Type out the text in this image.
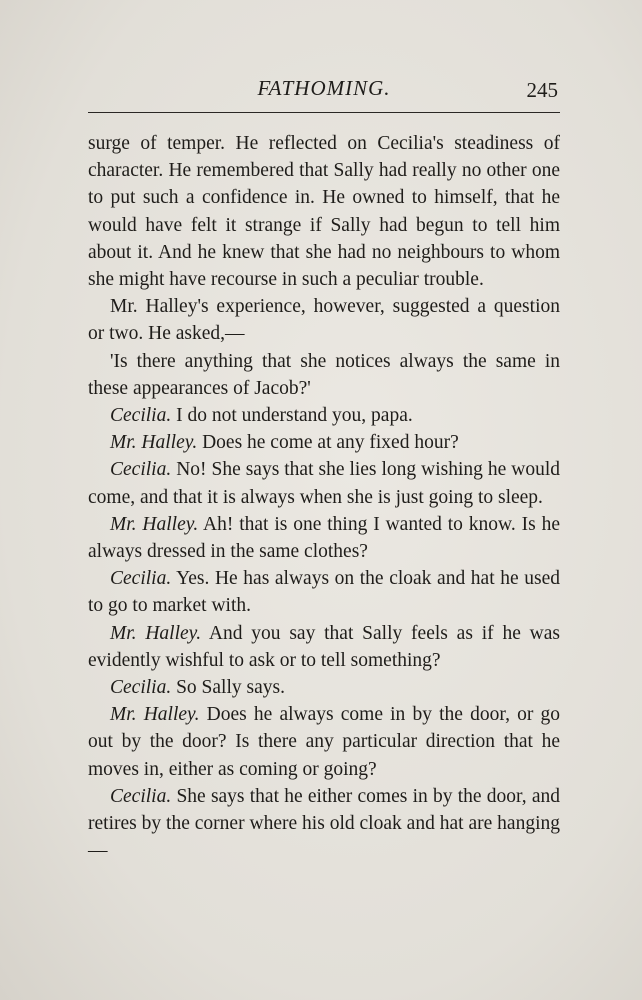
FATHOMING.	245

surge of temper. He reflected on Cecilia's steadiness of character. He remembered that Sally had really no other one to put such a confidence in. He owned to himself, that he would have felt it strange if Sally had begun to tell him about it. And he knew that she had no neighbours to whom she might have recourse in such a peculiar trouble.

Mr. Halley's experience, however, suggested a question or two. He asked,—

'Is there anything that she notices always the same in these appearances of Jacob?'

Cecilia. I do not understand you, papa.

Mr. Halley. Does he come at any fixed hour?

Cecilia. No! She says that she lies long wishing he would come, and that it is always when she is just going to sleep.

Mr. Halley. Ah! that is one thing I wanted to know. Is he always dressed in the same clothes?

Cecilia. Yes. He has always on the cloak and hat he used to go to market with.

Mr. Halley. And you say that Sally feels as if he was evidently wishful to ask or to tell something?

Cecilia. So Sally says.

Mr. Halley. Does he always come in by the door, or go out by the door? Is there any particular direction that he moves in, either as coming or going?

Cecilia. She says that he either comes in by the door, and retires by the corner where his old cloak and hat are hanging—
